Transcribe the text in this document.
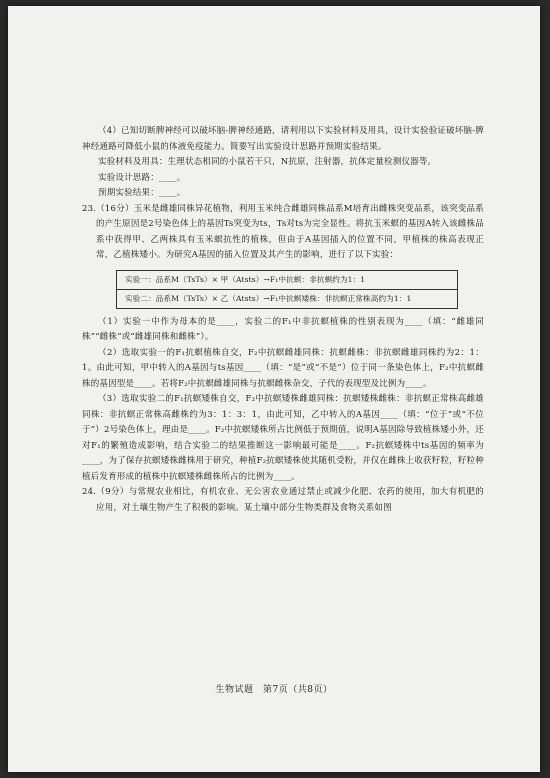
（4）已知切断脾神经可以破坏脑-脾神经通路，请利用以下实验材料及用具，设计实验验证破坏脑-脾神经通路可降低小鼠的体液免疫能力。简要写出实验设计思路并预期实验结果。

实验材料及用具：生理状态相同的小鼠若干只，N抗原，注射器，抗体定量检测仪器等。

实验设计思路：____。

预期实验结果：____。

23.（16分）玉米是雌雄同株异花植物，利用玉米纯合雌雄同株品系M培育出雌株突变品系，该突变品系的产生原因是2号染色体上的基因Ts突变为ts，Ts对ts为完全显性。将抗玉米螟的基因A转入该雌株品系中获得甲、乙两株具有玉米螟抗性的植株，但由于A基因插入的位置不同，甲植株的株高表现正常，乙植株矮小。为研究A基因的插入位置及其产生的影响，进行了以下实验：

实验一：品系M（TsTs）× 甲（Atsts）→F₁中抗螟：非抗螟约为1：1
实验二：品系M（TsTs）× 乙（Atsts）→F₁中抗螟矮株：非抗螟正常株高约为1：1

（1）实验一中作为母本的是____，实验二的F₁中非抗螟植株的性别表现为____（填：“雌雄同株”“雌株”或“雌雄同株和雌株”）。

（2）选取实验一的F₁抗螟植株自交，F₂中抗螟雌雄同株：抗螟雌株：非抗螟雌雄同株约为2：1：1。由此可知，甲中转入的A基因与ts基因____（填：“是”或“不是”）位于同一条染色体上，F₂中抗螟雌株的基因型是____。若将F₂中抗螟雌雄同株与抗螟雌株杂交，子代的表现型及比例为____。

（3）选取实验二的F₁抗螟矮株自交，F₂中抗螟矮株雌雄同株：抗螟矮株雌株：非抗螟正常株高雌雄同株：非抗螟正常株高雌株约为3：1：3：1，由此可知，乙中转入的A基因____（填：“位于”或“不位于”）2号染色体上，理由是____。F₂中抗螟矮株所占比例低于预期值，说明A基因除导致植株矮小外，还对F₁的繁殖造成影响，结合实验二的结果推断这一影响最可能是____。F₂抗螟矮株中ts基因的频率为____，为了保存抗螟矮株雌株用于研究，种植F₂抗螟矮株使其随机受粉，并仅在雌株上收获籽粒，籽粒种植后发育形成的植株中抗螟矮株雌株所占的比例为____。

24.（9分）与常规农业相比，有机农业、无公害农业通过禁止或减少化肥、农药的使用，加大有机肥的应用，对土壤生物产生了积极的影响。某土壤中部分生物类群及食物关系如图

生物试题　第7页（共8页）
